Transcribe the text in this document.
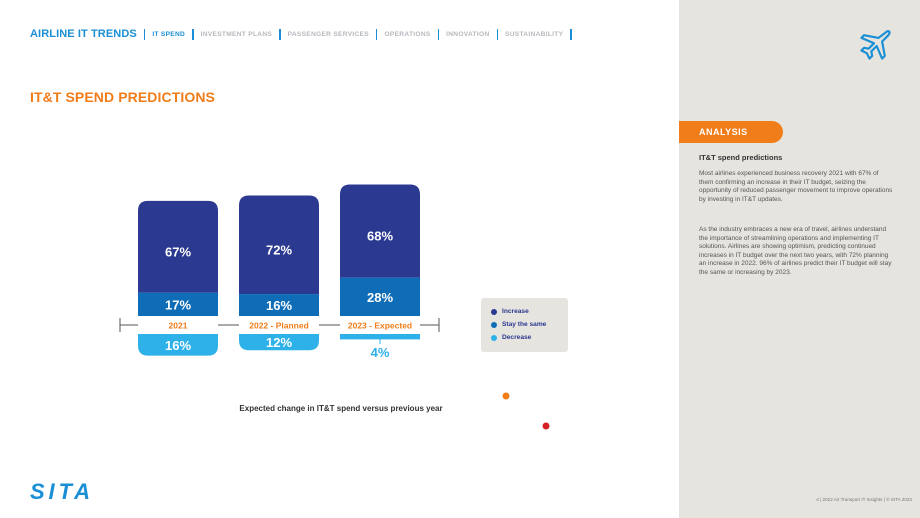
AIRLINE IT TRENDS IT SPEND INVESTMENT PLANS PASSENGER SERVICES OPERATIONS INNOVATION SUSTAINABILITY
IT&T SPEND PREDICTIONS
2021
16%
67%
17%
2022 - Planned
12%
72%
16%
2023 - Expected
4%
68%
28%
Expected change in IT&T spend versus previous year
Increase
Stay the same
Decrease
ANALYSIS
IT&T spend predictions
Most airlines experienced business recovery 2021 with 67% of them confirming an increase in their IT budget, seizing the opportunity of reduced passenger movement to improve operations by investing in IT&T updates.
As the industry embraces a new era of travel, airlines understand the importance of streamlining operations and implementing IT solutions. Airlines are showing optimism, predicting continued increases in IT budget over the next two years, with 72% planning an increase in 2022. 96% of airlines predict their IT budget will stay the same or increasing by 2023.
4 | 2022 Air Transport IT Insights | © SITA 2023
SITA
